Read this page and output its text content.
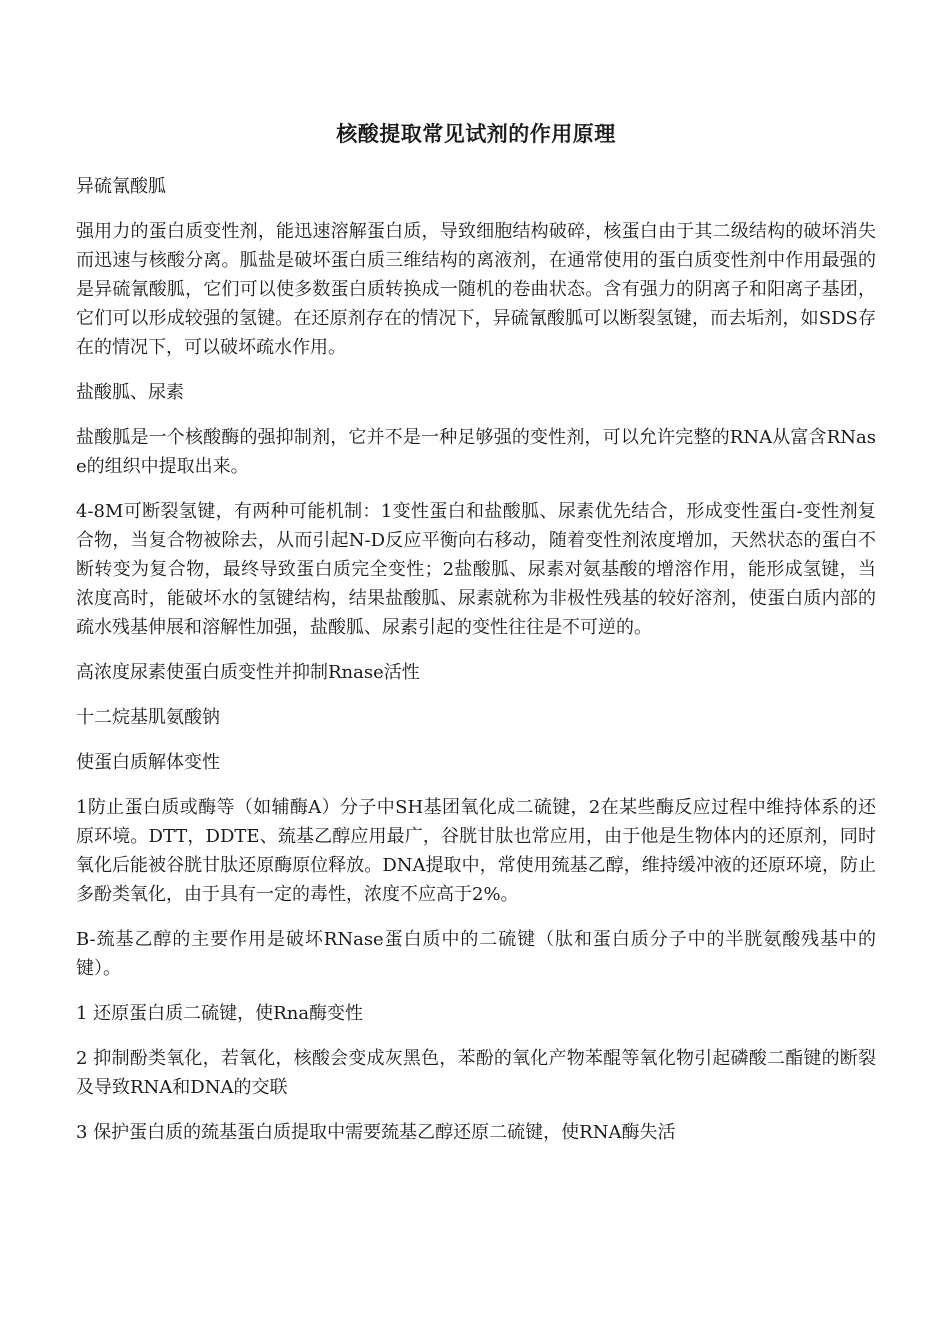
核酸提取常见试剂的作用原理
异硫氰酸胍
强用力的蛋白质变性剂，能迅速溶解蛋白质，导致细胞结构破碎，核蛋白由于其二级结构的破坏消失而迅速与核酸分离。胍盐是破坏蛋白质三维结构的离液剂，在通常使用的蛋白质变性剂中作用最强的是异硫氰酸胍，它们可以使多数蛋白质转换成一随机的卷曲状态。含有强力的阴离子和阳离子基团，它们可以形成较强的氢键。在还原剂存在的情况下，异硫氰酸胍可以断裂氢键，而去垢剂，如SDS存在的情况下，可以破坏疏水作用。
盐酸胍、尿素
盐酸胍是一个核酸酶的强抑制剂，它并不是一种足够强的变性剂，可以允许完整的RNA从富含RNase的组织中提取出来。
4-8M可断裂氢键，有两种可能机制：1变性蛋白和盐酸胍、尿素优先结合，形成变性蛋白-变性剂复合物，当复合物被除去，从而引起N-D反应平衡向右移动，随着变性剂浓度增加，天然状态的蛋白不断转变为复合物，最终导致蛋白质完全变性；2盐酸胍、尿素对氨基酸的增溶作用，能形成氢键，当浓度高时，能破坏水的氢键结构，结果盐酸胍、尿素就称为非极性残基的较好溶剂，使蛋白质内部的疏水残基伸展和溶解性加强，盐酸胍、尿素引起的变性往往是不可逆的。
高浓度尿素使蛋白质变性并抑制Rnase活性
十二烷基肌氨酸钠
使蛋白质解体变性
1防止蛋白质或酶等（如辅酶A）分子中SH基团氧化成二硫键，2在某些酶反应过程中维持体系的还原环境。DTT，DDTE、巯基乙醇应用最广，谷胱甘肽也常应用，由于他是生物体内的还原剂，同时氧化后能被谷胱甘肽还原酶原位释放。DNA提取中，常使用巯基乙醇，维持缓冲液的还原环境，防止多酚类氧化，由于具有一定的毒性，浓度不应高于2%。
B-巯基乙醇的主要作用是破坏RNase蛋白质中的二硫键（肽和蛋白质分子中的半胱氨酸残基中的键）。
1 还原蛋白质二硫键，使Rna酶变性
2 抑制酚类氧化，若氧化，核酸会变成灰黑色，苯酚的氧化产物苯醌等氧化物引起磷酸二酯键的断裂及导致RNA和DNA的交联
3 保护蛋白质的巯基蛋白质提取中需要巯基乙醇还原二硫键，使RNA酶失活
